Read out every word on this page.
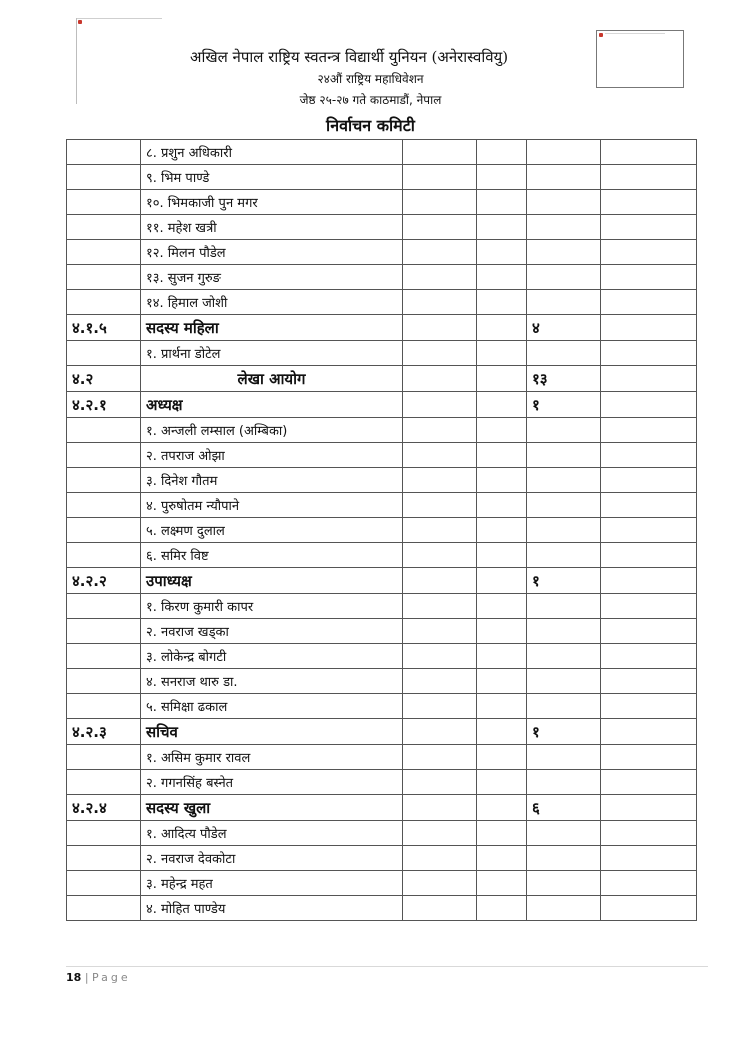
अखिल नेपाल राष्ट्रिय स्वतन्त्र विद्यार्थी युनियन (अनेरास्ववियु)
२४औं राष्ट्रिय महाधिवेशन
जेष्ठ २५-२७ गते काठमाडौं, नेपाल
निर्वाचन कमिटी
	८. प्रशुन अधिकारी				
	९. भिम पाण्डे				
	१०. भिमकाजी पुन मगर				
	११. महेश खत्री				
	१२. मिलन पौडेल				
	१३. सुजन गुरुङ				
	१४. हिमाल जोशी				
४.१.५	सदस्य महिला			४	
	१. प्रार्थना डोटेल				
४.२	लेखा आयोग			१३	
४.२.१	अध्यक्ष			१	
	१. अन्जली लम्साल (अम्बिका)				
	२. तपराज ओझा				
	३. दिनेश गौतम				
	४. पुरुषोतम न्यौपाने				
	५. लक्ष्मण दुलाल				
	६. समिर विष्ट				
४.२.२	उपाध्यक्ष			१	
	१. किरण कुमारी कापर				
	२. नवराज खड्का				
	३. लोकेन्द्र बोगटी				
	४. सनराज थारु डा.				
	५. समिक्षा ढकाल				
४.२.३	सचिव			१	
	१. असिम कुमार रावल				
	२. गगनसिंह बस्नेत				
४.२.४	सदस्य खुला			६	
	१. आदित्य पौडेल				
	२. नवराज देवकोटा				
	३. महेन्द्र महत				
	४. मोहित पाण्डेय				
18 | Page
